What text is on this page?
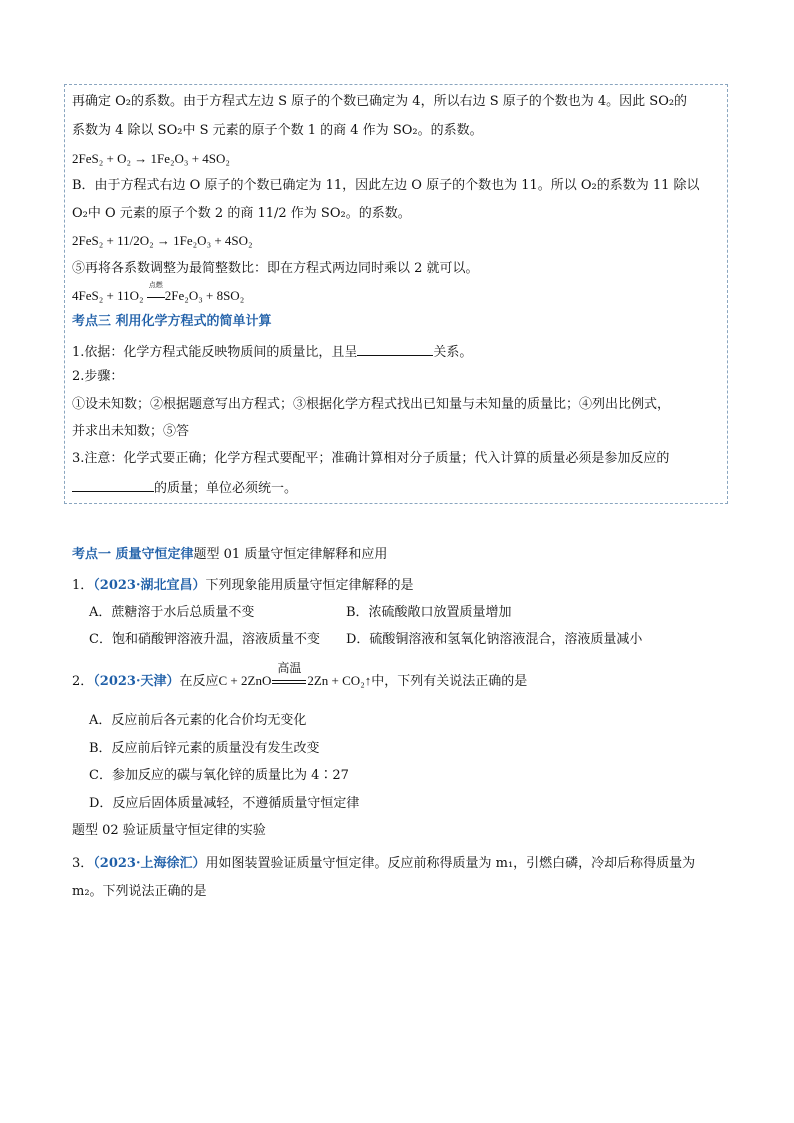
再确定 O₂的系数。由于方程式左边 S 原子的个数已确定为 4，所以右边 S 原子的个数也为 4。因此 SO₂的
系数为 4 除以 SO₂中 S 元素的原子个数 1 的商 4 作为 SO₂。的系数。
2FeS₂ + O₂ → 1Fe₂O₃ + 4SO₂
B．由于方程式右边 O 原子的个数已确定为 11，因此左边 O 原子的个数也为 11。所以 O₂的系数为 11 除以
O₂中 O 元素的原子个数 2 的商 11/2 作为 SO₂。的系数。
2FeS₂ + 11/2O₂ → 1Fe₂O₃ + 4SO₂
⑤再将各系数调整为最简整数比：即在方程式两边同时乘以 2 就可以。
4FeS₂ + 11O₂
点燃
2Fe₂O₃ + 8SO₂
考点三 利用化学方程式的简单计算
1.依据：化学方程式能反映物质间的质量比，且呈	关系。
2.步骤：
①设未知数；②根据题意写出方程式；③根据化学方程式找出已知量与未知量的质量比；④列出比例式，
并求出未知数；⑤答
3.注意：化学式要正确；化学方程式要配平；准确计算相对分子质量；代入计算的质量必须是参加反应的
的质量；单位必须统一。
考点一 质量守恒定律题型 01 质量守恒定律解释和应用
1．（2023·湖北宜昌）下列现象能用质量守恒定律解释的是
A．蔗糖溶于水后总质量不变	B．浓硫酸敞口放置质量增加
C．饱和硝酸钾溶液升温，溶液质量不变 D．硫酸铜溶液和氢氧化钠溶液混合，溶液质量减小
2．（2023·天津）在反应C + 2ZnO
高温
2Zn + CO₂↑中，下列有关说法正确的是
A．反应前后各元素的化合价均无变化
B．反应前后锌元素的质量没有发生改变
C．参加反应的碳与氧化锌的质量比为 4∶27
D．反应后固体质量减轻，不遵循质量守恒定律
题型 02 验证质量守恒定律的实验
3．（2023·上海徐汇）用如图装置验证质量守恒定律。反应前称得质量为 m₁，引燃白磷，冷却后称得质量为
m₂。下列说法正确的是
